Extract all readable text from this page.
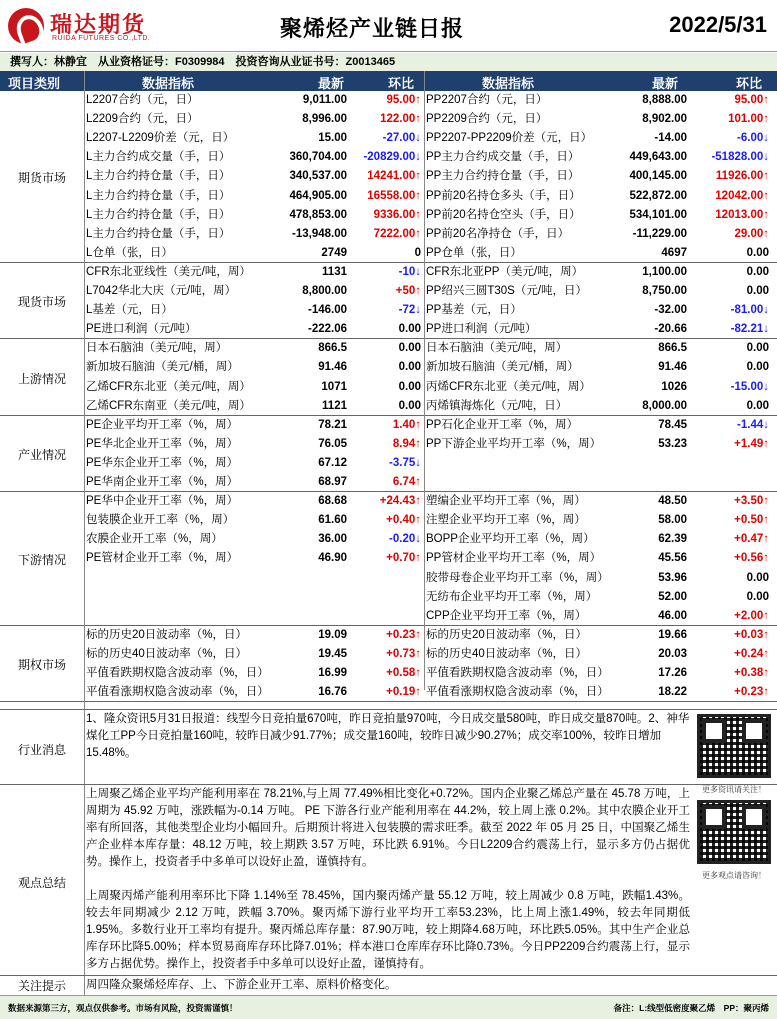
瑞达期货
RUIDA FUTURES CO.,LTD.	聚烯烃产业链日报	2022/5/31
撰写人：林静宜　从业资格证号：F0309984　投资咨询从业证书号：Z0013465
项目类别	数据指标	最新	环比	数据指标	最新	环比
L2207合约（元，日）	9,011.00	95.00↑ PP2207合约（元，日）	8,888.00	95.00↑
L2209合约（元，日）	8,996.00	122.00↑ PP2209合约（元，日）	8,902.00	101.00↑
L2207-L2209价差（元，日）	15.00	-27.00↓ PP2207-PP2209价差（元，日）	-14.00	-6.00↓
L主力合约成交量（手，日）	360,704.00 -20829.00↓ PP主力合约成交量（手，日）	449,643.00 -51828.00↓
L主力合约持仓量（手，日）	340,537.00 14241.00↑ PP主力合约持仓量（手，日）	400,145.00	11926.00↑
L主力合约持仓量（手，日）	464,905.00 16558.00↑ PP前20名持仓多头（手，日）	522,872.00 12042.00↑
L主力合约持仓量（手，日）	478,853.00 9336.00↑ PP前20名持仓空头（手，日）	534,101.00 12013.00↑
L主力合约持仓量（手，日）	-13,948.00 7222.00↑ PP前20名净持仓（手，日）	-11,229.00	29.00↑
L仓单（张，日）	2749	0 PP仓单（张，日）	4697	0.00
期货市场
CFR东北亚线性（美元/吨，周）	1131	-10↓ CFR东北亚PP（美元/吨，周）	1,100.00	0.00
L7042华北大庆（元/吨，周）	8,800.00	+50↑ PP绍兴三圆T30S（元/吨，日）	8,750.00	0.00
L基差（元，日）	-146.00	-72↓ PP基差（元，日）	-32.00	-81.00↓
PE进口利润（元/吨）	-222.06	0.00 PP进口利润（元/吨）	-20.66	-82.21↓
现货市场
日本石脑油（美元/吨，周）	866.5	0.00 日本石脑油（美元/吨，周）	866.5	0.00
新加坡石脑油（美元/桶，周）	91.46	0.00 新加坡石脑油（美元/桶，周）	91.46	0.00
乙烯CFR东北亚（美元/吨，周）	1071	0.00 丙烯CFR东北亚（美元/吨，周）	1026	-15.00↓
乙烯CFR东南亚（美元/吨，周）	1121	0.00 丙烯镇海炼化（元/吨，日）	8,000.00	0.00
上游情况
PE企业平均开工率（%，周）	78.21	1.40↑ PP石化企业开工率（%，周）	78.45	-1.44↓
PE华北企业开工率（%，周）	76.05	8.94↑ PP下游企业平均开工率（%，周）	53.23	+1.49↑
PE华东企业开工率（%，周）	67.12	-3.75↓
PE华南企业开工率（%，周）	68.97	6.74↑
产业情况
PE华中企业开工率（%，周）	68.68	+24.43↑ 塑编企业平均开工率（%，周）	48.50	+3.50↑
包装膜企业开工率（%，周）	61.60	+0.40↑ 注塑企业平均开工率（%，周）	58.00	+0.50↑
农膜企业开工率（%，周）	36.00	-0.20↓ BOPP企业平均开工率（%，周）	62.39	+0.47↑
PE管材企业开工率（%，周）	46.90	+0.70↑ PP管材企业平均开工率（%，周）	45.56	+0.56↑
胶带母卷企业平均开工率（%，周）	53.96	0.00
无纺布企业平均开工率（%，周）	52.00	0.00
CPP企业平均开工率（%，周）	46.00	+2.00↑
下游情况
标的历史20日波动率（%，日）	19.09	+0.23↑ 标的历史20日波动率（%，日）	19.66	+0.03↑
标的历史40日波动率（%，日）	19.45	+0.73↑ 标的历史40日波动率（%，日）	20.03	+0.24↑
平值看跌期权隐含波动率（%，日）	16.99	+0.58↑ 平值看跌期权隐含波动率（%，日）	17.26	+0.38↑
平值看涨期权隐含波动率（%，日）	16.76	+0.19↑ 平值看涨期权隐含波动率（%，日）	18.22	+0.23↑
期权市场
行业消息
1、隆众资讯5月31日报道：线型今日竞拍量670吨，昨日竞拍量970吨，今日成交量580吨，昨日成交量870吨。2、神华煤化工PP今日竞拍量160吨，较昨日减少91.77%；成交量160吨，较昨日减少90.27%；成交率100%，较昨日增加15.48%。
观点总结

上周聚乙烯企业平均产能利用率在 78.21%,与上周 77.49%相比变化+0.72%。国内企业聚乙烯总产量在 45.78 万吨，上周期为 45.92 万吨，涨跌幅为-0.14 万吨。 PE 下游各行业产能利用率在 44.2%，较上周上涨 0.2%。其中农膜企业开工率有所回落，其他类型企业均小幅回升。后期预计将进入包装膜的需求旺季。截至 2022 年 05 月 25 日，中国聚乙烯生产企业样本库存量：48.12 万吨，较上期跌 3.57 万吨，环比跌 6.91%。今日L2209合约震荡上行，显示多方仍占据优势。操作上，投资者手中多单可以设好止盈，谨慎持有。

上周聚丙烯产能利用率环比下降 1.14%至 78.45%，国内聚丙烯产量 55.12 万吨，较上周减少 0.8 万吨，跌幅1.43%。较去年同期减少 2.12 万吨，跌幅 3.70%。聚丙烯下游行业平均开工率53.23%，比上周上涨1.49%，较去年同期低1.95%。多数行业开工率均有提升。聚丙烯总库存量：87.90万吨，较上期降4.68万吨，环比跌5.05%。其中生产企业总库存环比降5.00%；样本贸易商库存环比降7.01%；样本港口仓库库存环比降0.73%。今日PP2209合约震荡上行，显示多方占据优势。操作上，投资者手中多单可以设好止盈，谨慎持有。

关注提示	周四隆众聚烯烃库存、上、下游企业开工率、原料价格变化。
更多资讯请关注！
更多观点请咨询！
数据来源第三方，观点仅供参考。市场有风险，投资需谨慎！	备注：L:线型低密度聚乙烯　PP：聚丙烯
